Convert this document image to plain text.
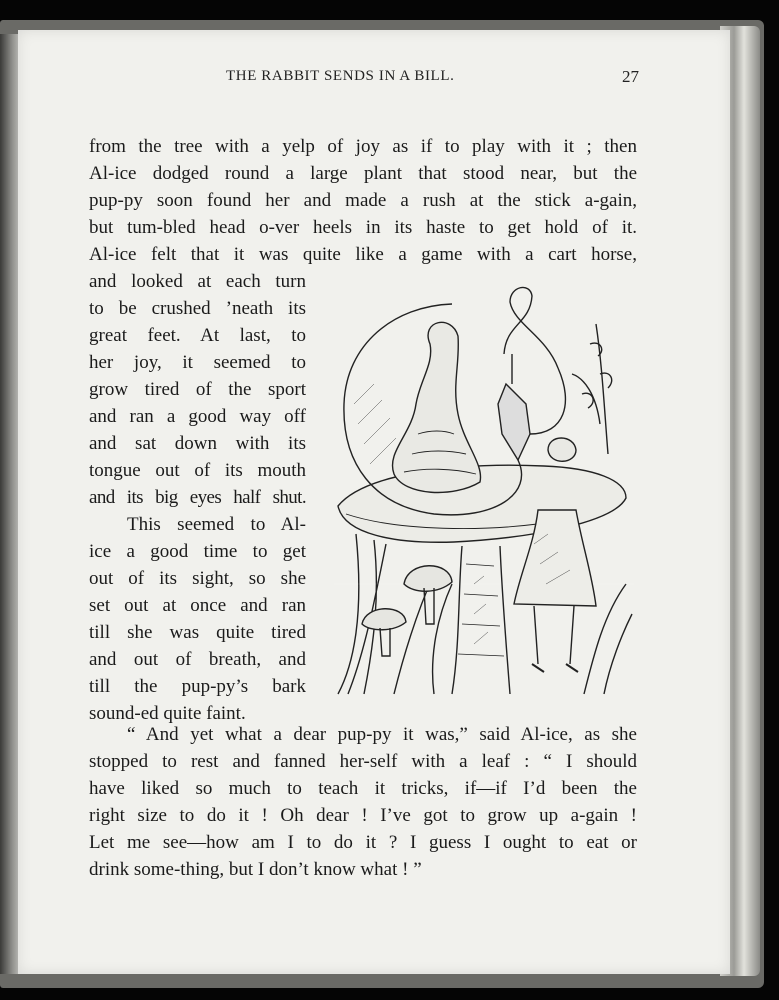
THE RABBIT SENDS IN A BILL.	27
from the tree with a yelp of joy as if to play with it ; then
Al-ice dodged round a large plant that stood near, but the
pup-py soon found her and made a rush at the stick a-gain,
but tum-bled head o-ver heels in its haste to get hold of it.
Al-ice felt that it was quite like a game with a cart horse,
and looked at each turn
to be crushed ’neath its
great feet. At last, to
her joy, it seemed to
grow tired of the sport
and ran a good way off
and sat down with its
tongue out of its mouth
and its big eyes half shut.
This seemed to Al-
ice a good time to get
out of its sight, so she
set out at once and ran
till she was quite tired
and out of breath, and
till the pup-py’s bark
sound-ed quite faint.
“ And yet what a dear pup-py it was,” said Al-ice, as she
stopped to rest and fanned her-self with a leaf : “ I should
have liked so much to teach it tricks, if—if I’d been the
right size to do it ! Oh dear ! I’ve got to grow up a-gain !
Let me see—how am I to do it ? I guess I ought to eat or
drink some-thing, but I don’t know what ! ”
